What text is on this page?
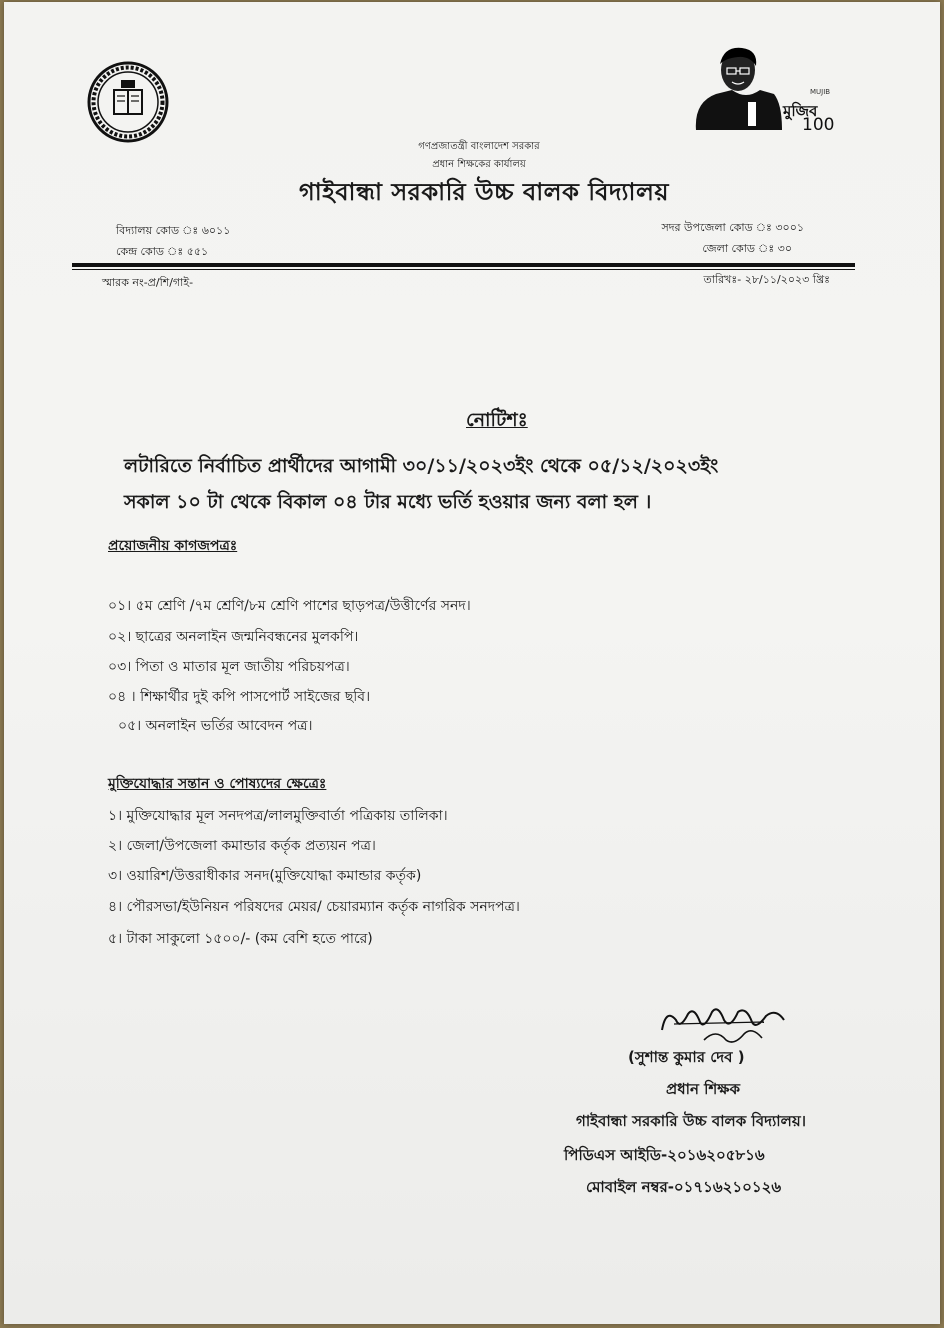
মুজিব
MUJIB
100
গণপ্রজাতন্ত্রী বাংলাদেশ সরকার
প্রধান শিক্ষকের কার্যালয়
গাইবান্ধা সরকারি উচ্চ বালক বিদ্যালয়
বিদ্যালয় কোড ঃ ৬০১১
কেন্দ্র কোড ঃ ৫৫১
সদর উপজেলা কোড ঃ ৩০০১
জেলা কোড ঃ ৩০
স্মারক নং-প্র/শি/গাই-	তারিখঃ- ২৮/১১/২০২৩ খ্রিঃ
নোটিশঃ
লটারিতে নির্বাচিত প্রার্থীদের আগামী ৩০/১১/২০২৩ইং থেকে ০৫/১২/২০২৩ইং
সকাল ১০ টা থেকে বিকাল ০৪ টার মধ্যে ভর্তি হওয়ার জন্য বলা হল ।
প্রয়োজনীয় কাগজপত্রঃ
০১। ৫ম শ্রেণি /৭ম শ্রেণি/৮ম শ্রেণি পাশের ছাড়পত্র/উত্তীর্ণের সনদ।
০২। ছাত্রের অনলাইন জন্মনিবন্ধনের মুলকপি।
০৩। পিতা ও মাতার মূল জাতীয় পরিচয়পত্র।
০৪ । শিক্ষার্থীর দুই কপি পাসপোর্ট সাইজের ছবি।
০৫। অনলাইন ভর্তির আবেদন পত্র।
মুক্তিযোদ্ধার সন্তান ও পোষ্যদের ক্ষেত্রেঃ
১। মুক্তিযোদ্ধার মূল সনদপত্র/লালমুক্তিবার্তা পত্রিকায় তালিকা।
২। জেলা/উপজেলা কমান্ডার কর্তৃক প্রত্যয়ন পত্র।
৩। ওয়ারিশ/উত্তরাধীকার সনদ(মুক্তিযোদ্ধা কমান্ডার কর্তৃক)
৪। পৌরসভা/ইউনিয়ন পরিষদের মেয়র/ চেয়ারম্যান কর্তৃক নাগরিক সনদপত্র।
৫। টাকা সাকুলো ১৫০০/- (কম বেশি হতে পারে)
(সুশান্ত কুমার দেব )
প্রধান শিক্ষক
গাইবান্ধা সরকারি উচ্চ বালক বিদ্যালয়।
পিডিএস আইডি-২০১৬২০৫৮১৬
মোবাইল নম্বর-০১৭১৬২১০১২৬
